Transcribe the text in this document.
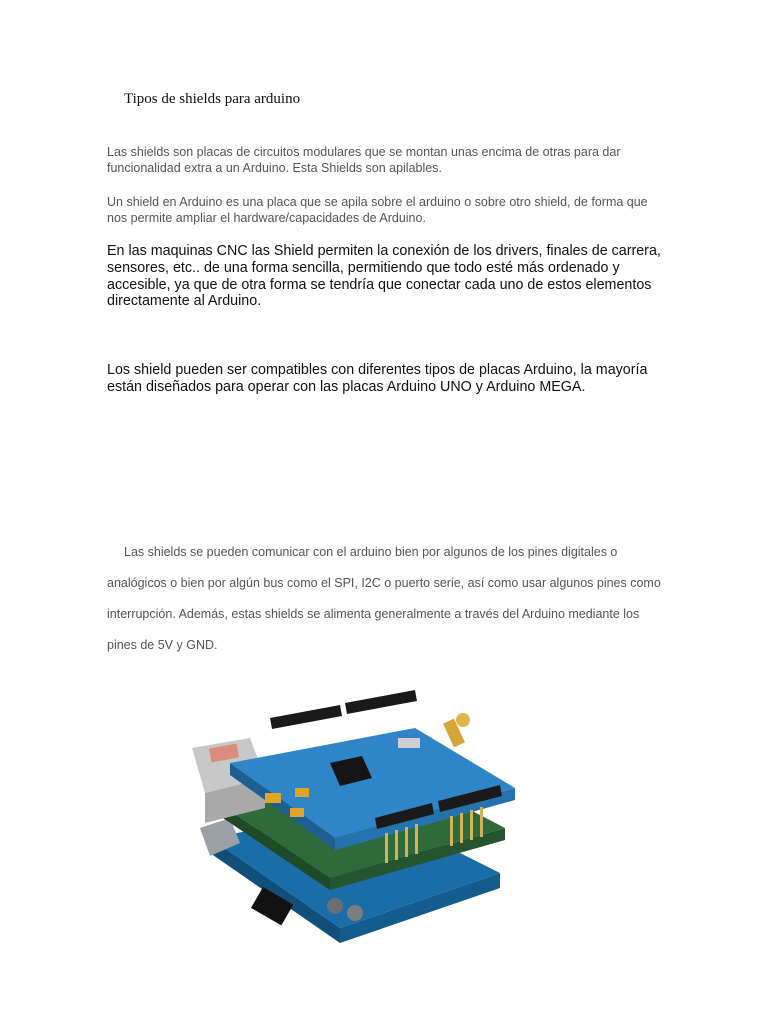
Tipos de shields para arduino
Las shields son placas de circuitos modulares que se montan unas encima de otras para dar funcionalidad extra a un Arduino. Esta Shields son apilables.
Un shield en Arduino es una placa que se apila sobre el arduino o sobre otro shield, de forma que nos permite ampliar el hardware/capacidades de Arduino.
En las maquinas CNC las Shield permiten la conexión de los drivers, finales de carrera, sensores, etc.. de una forma sencilla, permitiendo que todo esté más ordenado y accesible, ya que de otra forma se tendría que conectar cada uno de estos elementos directamente al Arduino.
Los shield pueden ser compatibles con diferentes tipos de placas Arduino, la mayoría están diseñados para operar con las placas Arduino UNO y Arduino MEGA.
Las shields se pueden comunicar con el arduino bien por algunos de los pines digitales o analógicos o bien por algún bus como el SPI, I2C o puerto serie, así como usar algunos pines como interrupción. Además, estas shields se alimenta generalmente a través del Arduino mediante los pines de 5V y GND.
